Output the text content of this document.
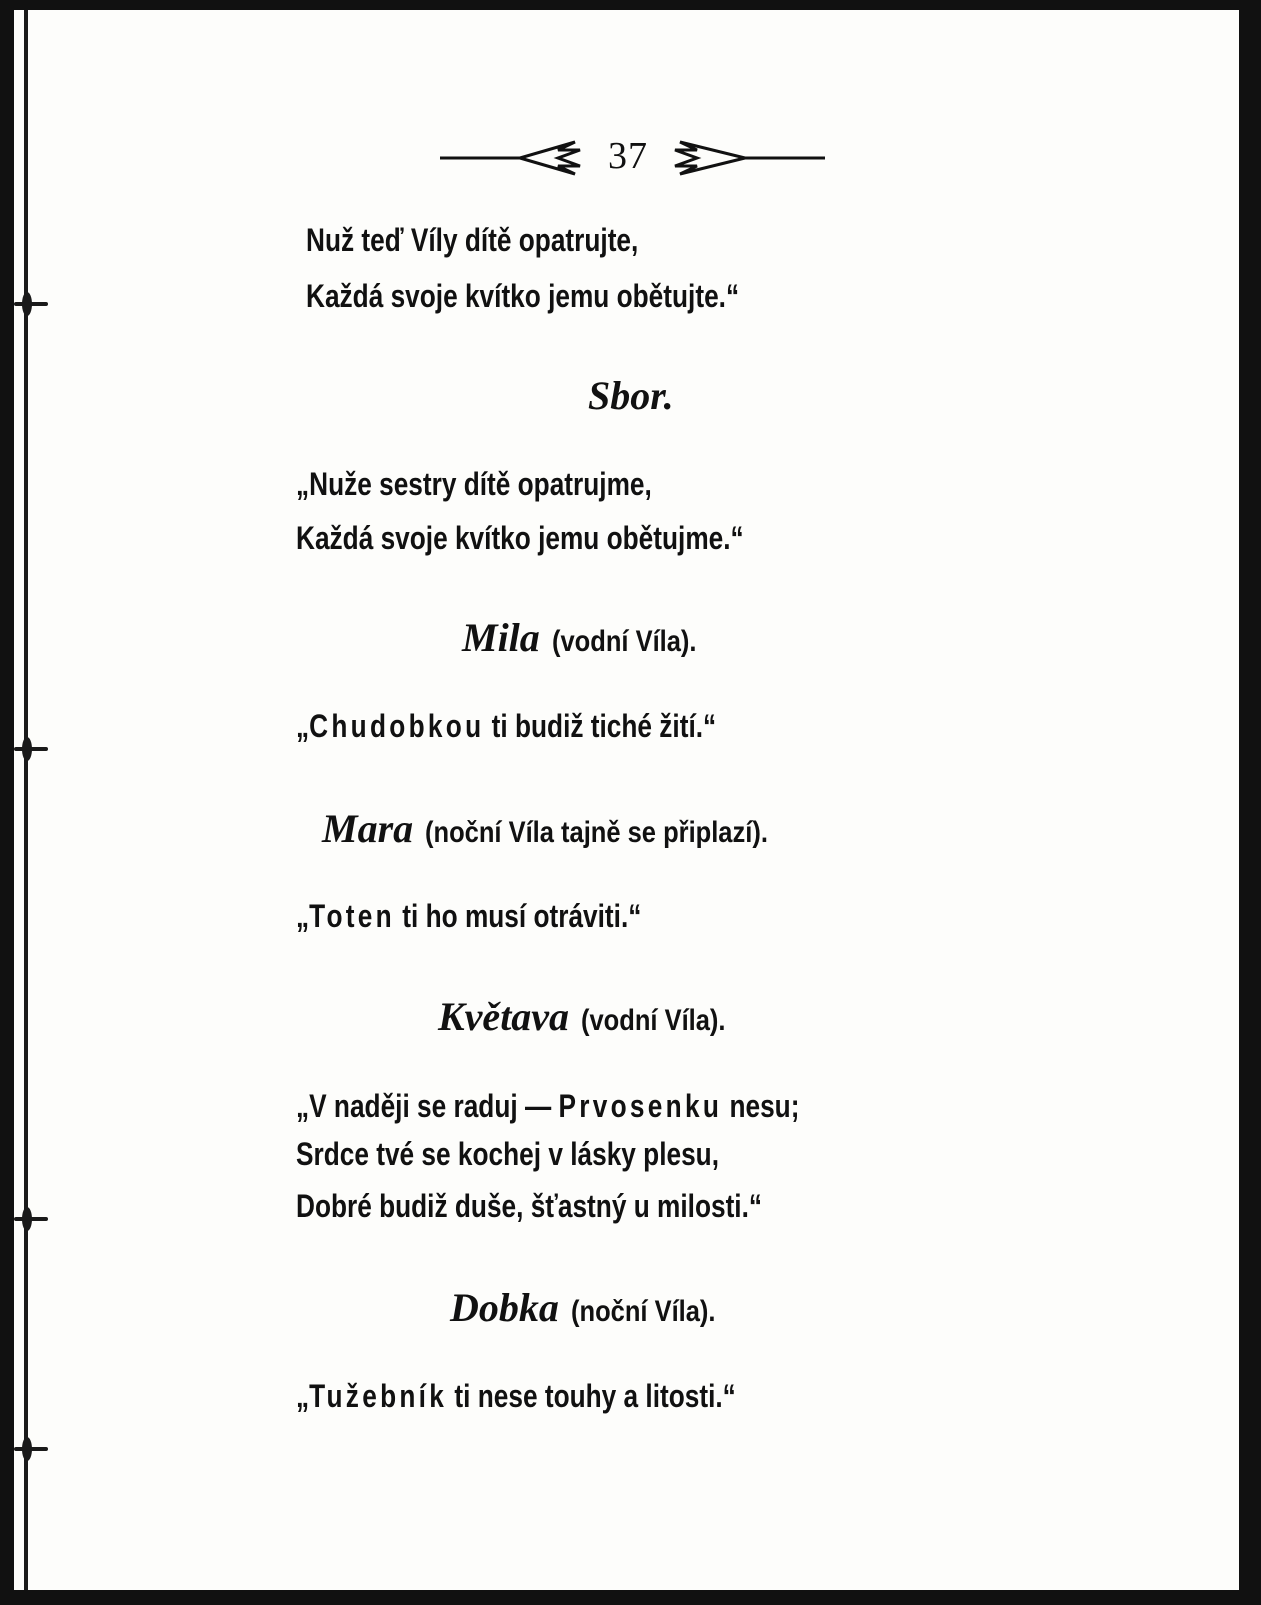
37
Nuž teď Víly dítě opatrujte,
Každá svoje kvítko jemu obětujte.“
Sbor.
„Nuže sestry dítě opatrujme,
Každá svoje kvítko jemu obětujme.“
Mila (vodní Víla).
„Chudobkou ti budiž tiché žití.“
Mara (noční Víla tajně se připlazí).
„Toten ti ho musí otráviti.“
Květava (vodní Víla).
„V naději se raduj — Prvosenku nesu;
Srdce tvé se kochej v lásky plesu,
Dobré budiž duše, šťastný u milosti.“
Dobka (noční Víla).
„Tužebník ti nese touhy a litosti.“
